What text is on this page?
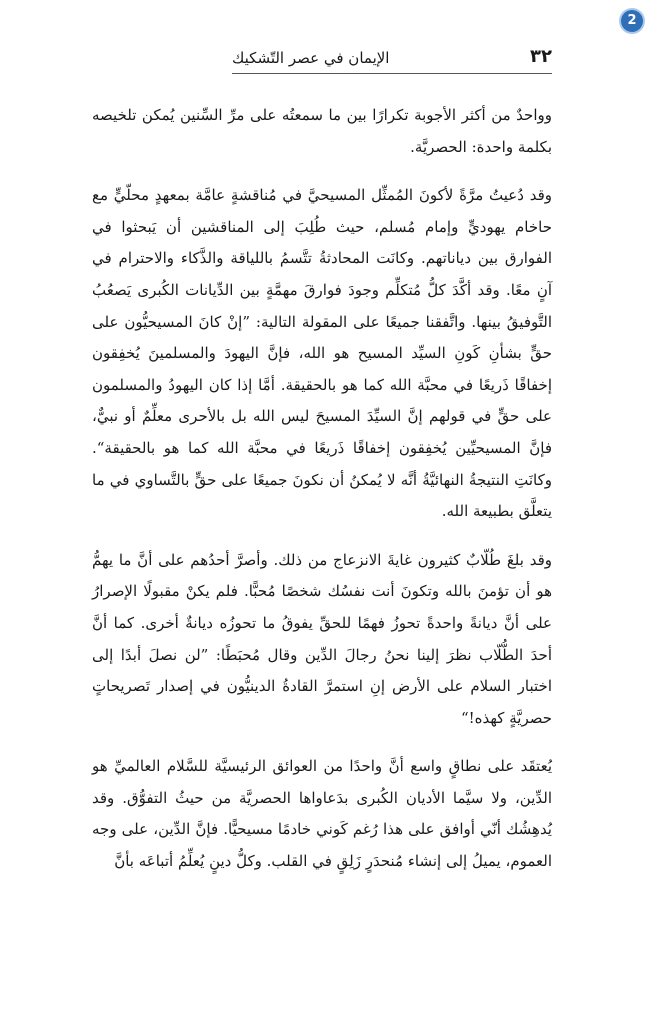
2
٣٢
الإيمان في عصر التّشكيك

وواحدٌ من أكثر الأجوبة تكرارًا بين ما سمعتُه على مرِّ السِّنين يُمكن تلخيصه بكلمة واحدة: الحصريَّة.

وقد دُعيتُ مرَّةً لأكونَ المُمثِّل المسيحيَّ في مُناقشةٍ عامَّة بمعهدٍ محلّيٍّ مع حاخام يهوديٍّ وإمام مُسلم، حيث طُلِبَ إلى المناقشين أن يَبحثوا في الفوارق بين دياناتهم. وكانَت المحادثةُ تتَّسمُ باللياقة والذَّكاء والاحترام في آنٍ معًا. وقد أكَّدَ كلُّ مُتكلِّم وجودَ فوارقَ مهمَّةٍ بين الدِّيانات الكُبرى يَصعُبُ التَّوفيقُ بينها. واتَّفقنا جميعًا على المقولة التالية: ”إنْ كانَ المسيحيُّون على حقٍّ بشأنِ كَونِ السيِّد المسيح هو الله، فإنَّ اليهودَ والمسلمينَ يُخفِقون إخفاقًا ذَريعًا في محبَّة الله كما هو بالحقيقة. أمَّا إذا كان اليهودُ والمسلمون على حقٍّ في قولهم إنَّ السيِّدَ المسيحَ ليس الله بل بالأحرى معلِّمٌ أو نبيٌّ، فإنَّ المسيحيِّين يُخفِقون إخفاقًا ذَريعًا في محبَّة الله كما هو بالحقيقة“. وكانَتِ النتيجةُ النهائيَّةُ أنَّه لا يُمكنُ أن نكونَ جميعًا على حقٍّ بالتَّساوي في ما يتعلَّق بطبيعة الله.

وقد بلغَ طُلّابٌ كثيرون غايةَ الانزعاج من ذلك. وأصرَّ أحدُهم على أنَّ ما يهمُّ هو أن تؤمنَ بالله وتكونَ أنت نفسُك شخصًا مُحبًّا. فلم يكنْ مقبولًا الإصرارُ على أنَّ ديانةً واحدةً تحوزُ فهمًا للحقِّ يفوقُ ما تحوزُه ديانةٌ أخرى. كما أنَّ أحدَ الطُّلّاب نظرَ إلينا نحنُ رجالَ الدِّين وقال مُحبَطًا: ”لن نصلَ أبدًا إلى اختبار السلام على الأرض إنِ استمرَّ القادةُ الدينيُّون في إصدار تَصريحاتٍ حصريَّةٍ كهذه!“

يُعتقَد على نطاقٍ واسع أنَّ واحدًا من العوائق الرئيسيَّة للسَّلام العالميِّ هو الدِّين، ولا سيَّما الأديان الكُبرى بدَعاواها الحصريَّة من حيثُ التفوُّق. وقد يُدهِشُك أنّي أوافق على هذا رُغم كَوني خادمًا مسيحيًّا. فإنَّ الدِّين، على وجه العموم، يميلُ إلى إنشاء مُنحدَرٍ زَلِقٍ في القلب. وكلُّ دينٍ يُعلِّمُ أتباعَه بأنَّ
